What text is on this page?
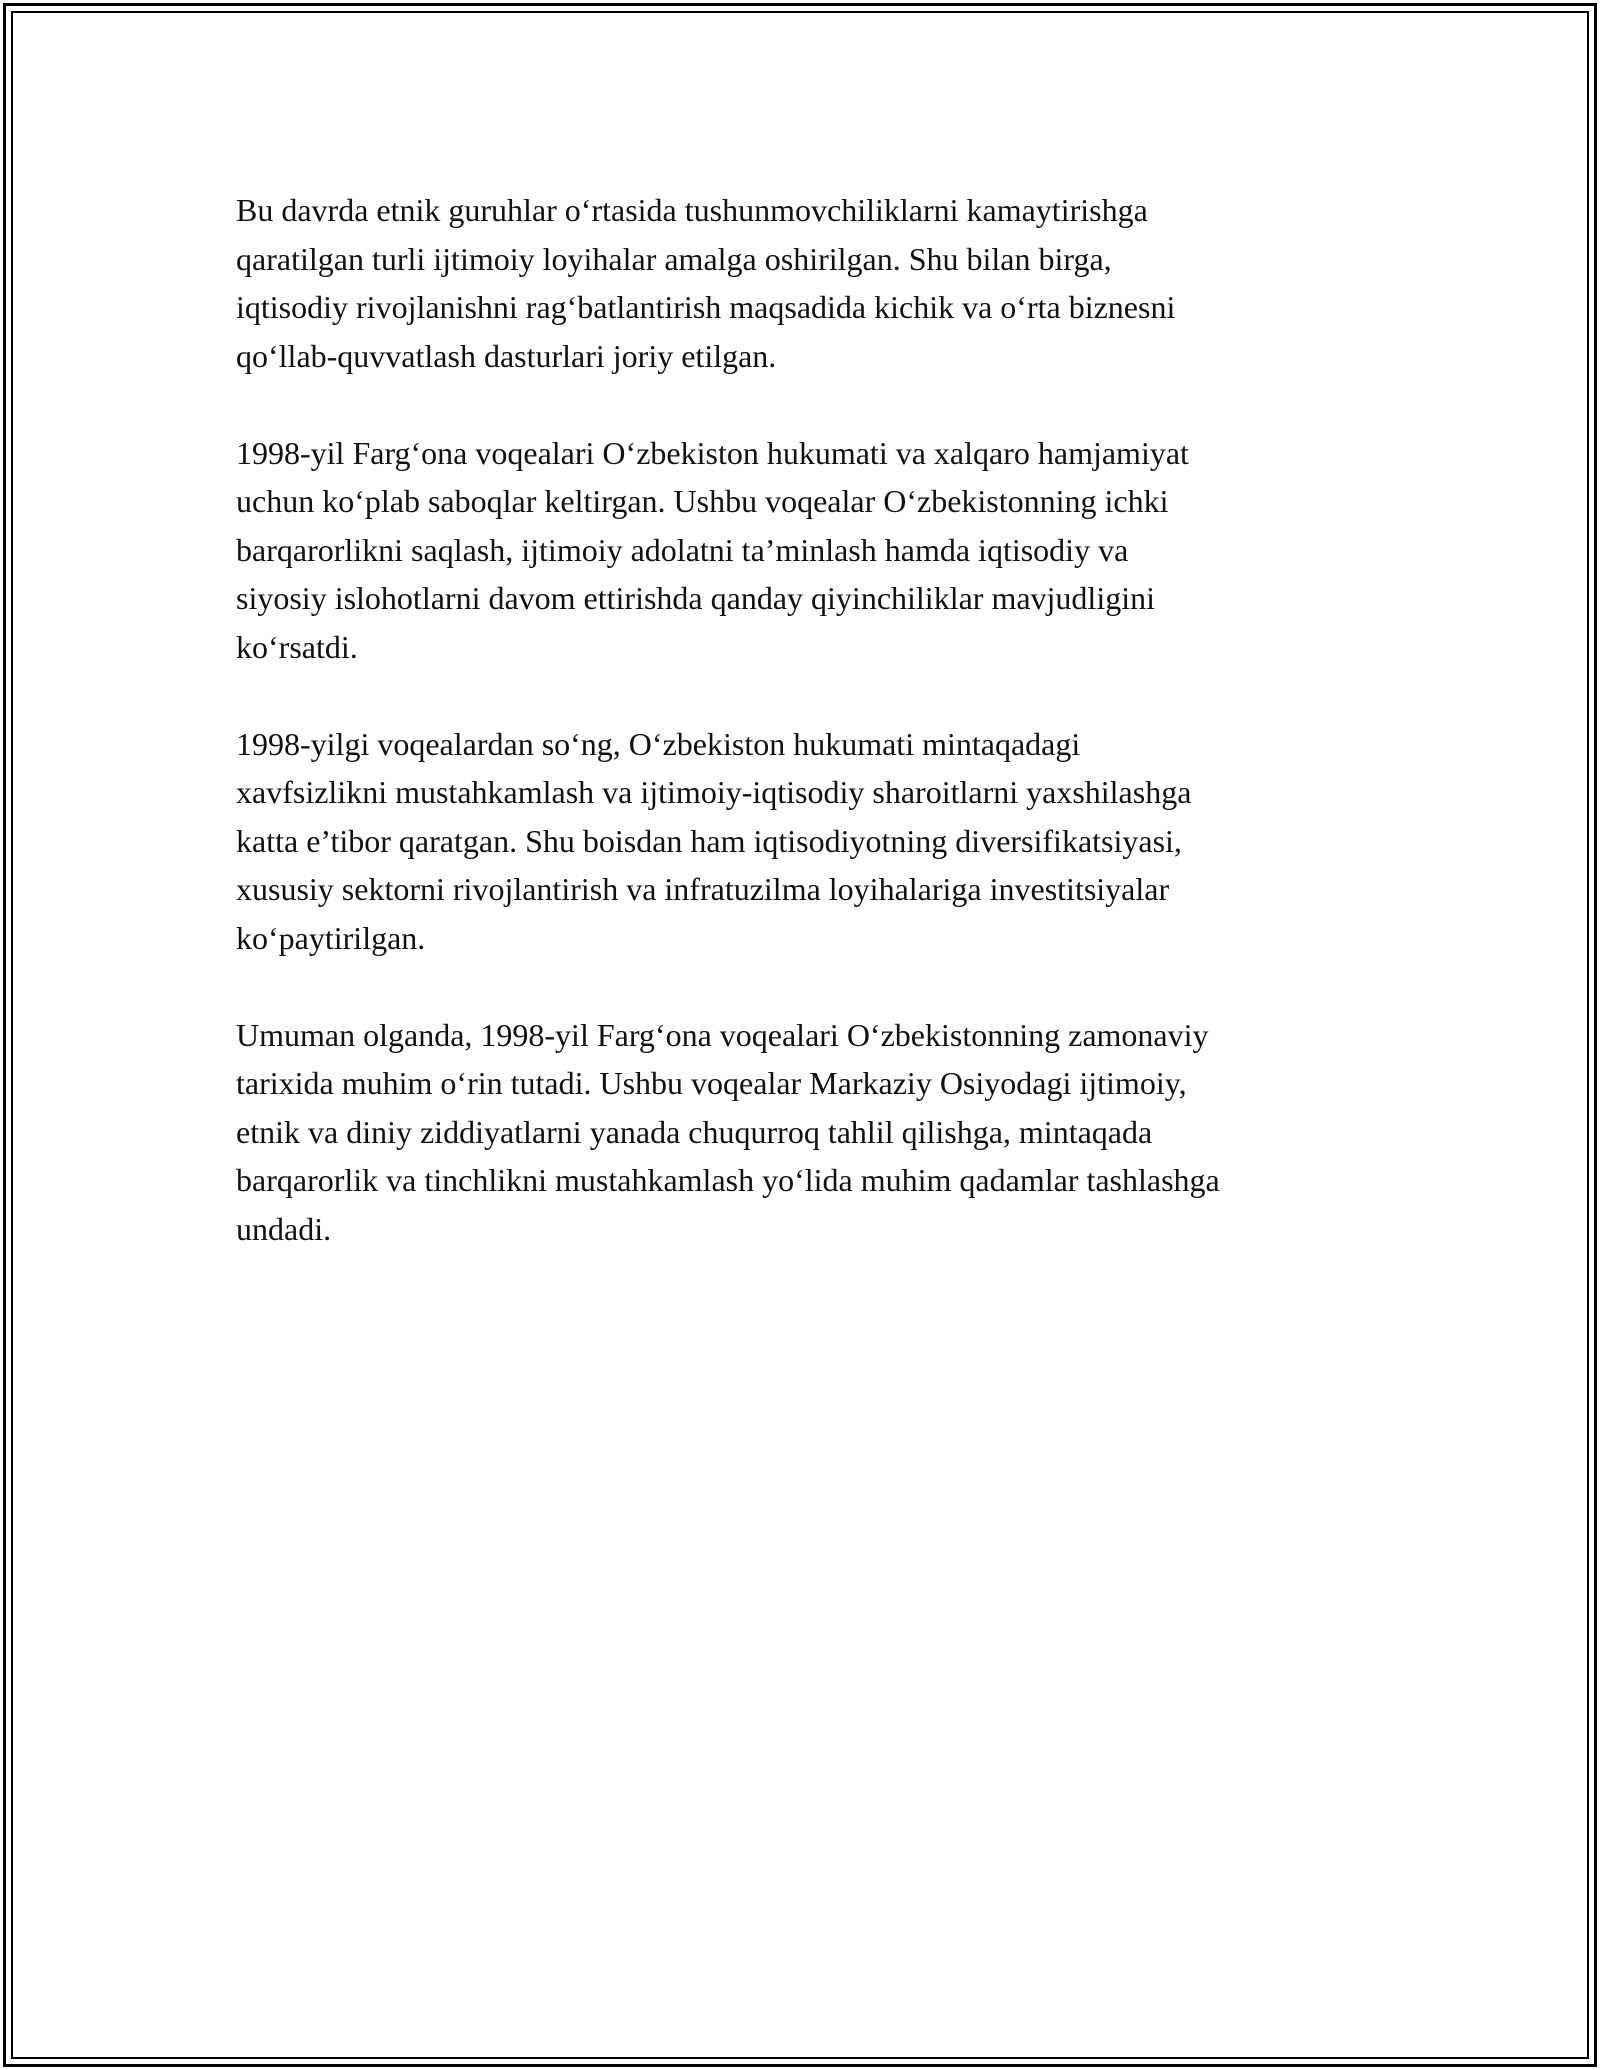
Bu davrda etnik guruhlar o‘rtasida tushunmovchiliklarni kamaytirishga
qaratilgan turli ijtimoiy loyihalar amalga oshirilgan. Shu bilan birga,
iqtisodiy rivojlanishni rag‘batlantirish maqsadida kichik va o‘rta biznesni
qo‘llab-quvvatlash dasturlari joriy etilgan.

1998-yil Farg‘ona voqealari O‘zbekiston hukumati va xalqaro hamjamiyat
uchun ko‘plab saboqlar keltirgan. Ushbu voqealar O‘zbekistonning ichki
barqarorlikni saqlash, ijtimoiy adolatni ta’minlash hamda iqtisodiy va
siyosiy islohotlarni davom ettirishda qanday qiyinchiliklar mavjudligini
ko‘rsatdi.

1998-yilgi voqealardan so‘ng, O‘zbekiston hukumati mintaqadagi
xavfsizlikni mustahkamlash va ijtimoiy-iqtisodiy sharoitlarni yaxshilashga
katta e’tibor qaratgan. Shu boisdan ham iqtisodiyotning diversifikatsiyasi,
xususiy sektorni rivojlantirish va infratuzilma loyihalariga investitsiyalar
ko‘paytirilgan.

Umuman olganda, 1998-yil Farg‘ona voqealari O‘zbekistonning zamonaviy
tarixida muhim o‘rin tutadi. Ushbu voqealar Markaziy Osiyodagi ijtimoiy,
etnik va diniy ziddiyatlarni yanada chuqurroq tahlil qilishga, mintaqada
barqarorlik va tinchlikni mustahkamlash yo‘lida muhim qadamlar tashlashga
undadi.
